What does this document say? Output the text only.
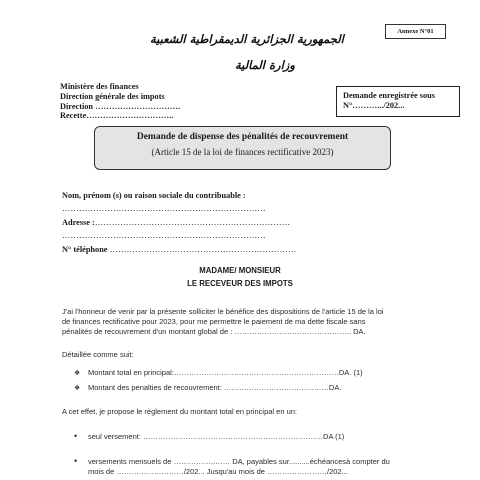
Annexe N°01
الجمهورية الجزائرية الديمقراطية الشعبية
وزارة المالية
Ministère des finances
Direction générale des impots
Direction ………………………….
Recette…………………………..
Demande enregistrée sous
N°……….../202...
Demande de dispense des pénalités de recouvrement
(Article 15 de la loi de finances rectificative 2023)
Nom, prénom (s) ou raison sociale du contribuable :
………………………………………………………………
Adresse :……………………………………………………………
………………………………………………………………
N° téléphone …………………………………………………………
MADAME/ MONSIEUR
LE RECEVEUR DES IMPOTS
J'ai l'honneur de venir par la présente solliciter le bénéfice des dispositions de l'article 15 de la loi
de finances rectificative pour 2023, pour me permettre le paiement de ma dette fiscale sans
pénalités de recouvrement d'un montant global de : ……………………………………….. DA.
Détaillée comme suit:
❖	Montant total en principal:…………………………………………………………DA. (1)
❖	Montant des penalties de recouvrement: ……………………………………DA.
A cet effet, je propose le règlement du montant total en principal en un:
• seul versement: ………………………………………………………………DA (1)
• versements mensuels de ……………..…… DA, payables sur..........échéancesà compter du
mois de ………………………/202... Jusqu'au mois de ……………………/202...
